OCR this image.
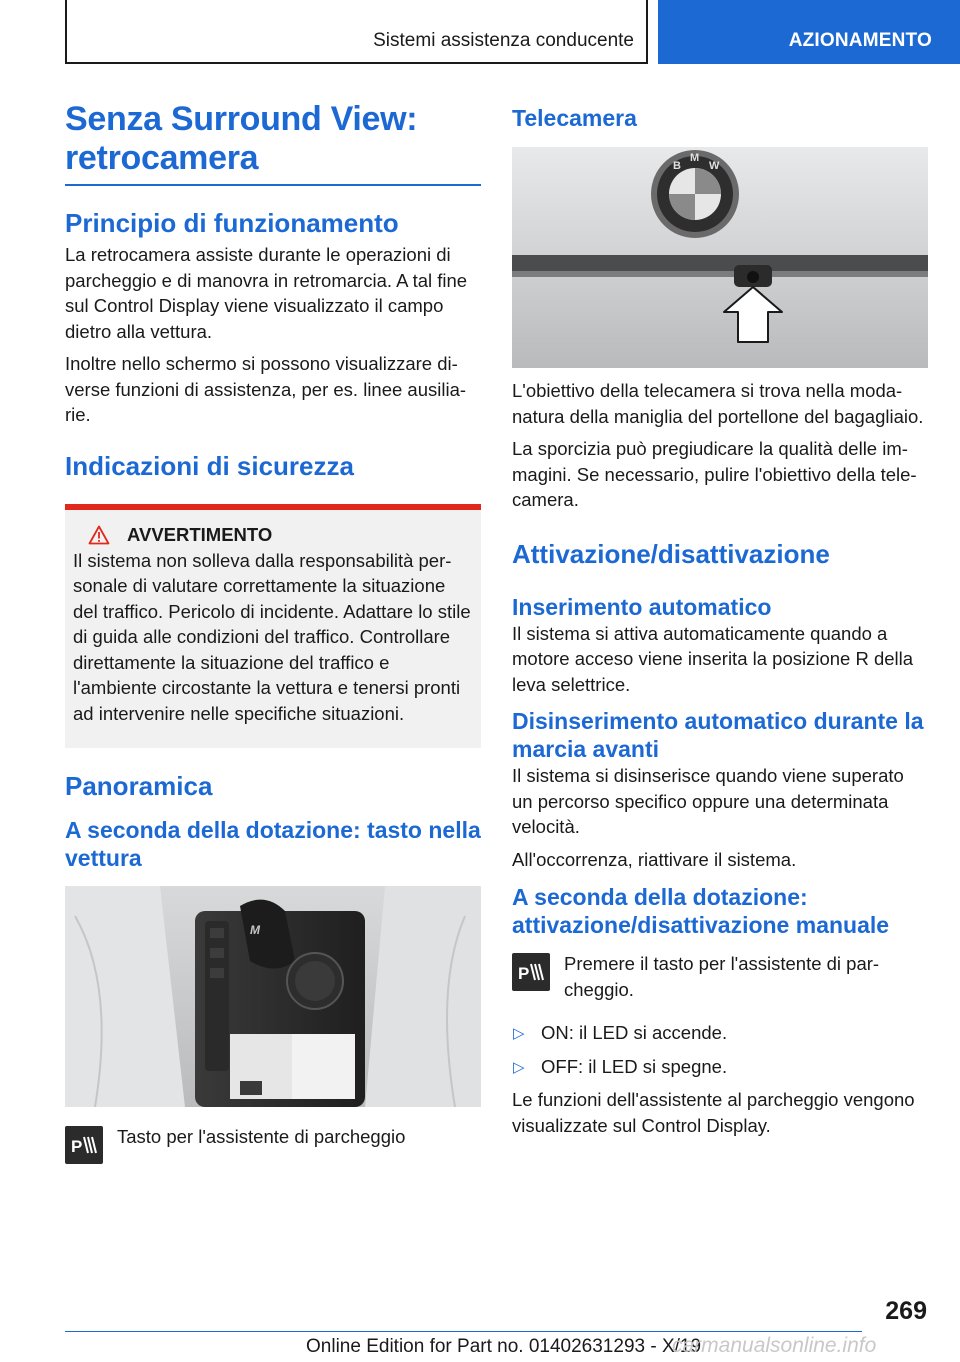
Sistemi assistenza conducente	AZIONAMENTO
Senza Surround View:
retrocamera
Principio di funzionamento

La retrocamera assiste durante le operazioni di parcheggio e di manovra in retromarcia. A tal fine sul Control Display viene visualizzato il campo dietro alla vettura.

Inoltre nello schermo si possono visualizzare diverse funzioni di assistenza, per es. linee ausiliarie.

Indicazioni di sicurezza
AVVERTIMENTO

Il sistema non solleva dalla responsabilità personale di valutare correttamente la situazione del traffico. Pericolo di incidente. Adattare lo stile di guida alle condizioni del traffico. Controllare direttamente la situazione del traffico e l'ambiente circostante la vettura e tenersi pronti ad intervenire nelle specifiche situazioni.

Panoramica
A seconda della dotazione: tasto nella vettura
M
P Tasto per l'assistente di parcheggio

Telecamera
B
M
W

L'obiettivo della telecamera si trova nella modanatura della maniglia del portellone del bagagliaio.

La sporcizia può pregiudicare la qualità delle immagini. Se necessario, pulire l'obiettivo della telecamera.

Attivazione/disattivazione
Inserimento automatico

Il sistema si attiva automaticamente quando a motore acceso viene inserita la posizione R della leva selettrice.

Disinserimento automatico durante la marcia avanti

Il sistema si disinserisce quando viene superato un percorso specifico oppure una determinata velocità.

All'occorrenza, riattivare il sistema.

A seconda della dotazione: attivazione/disattivazione manuale
P Premere il tasto per l'assistente di parcheggio.

▷ ON: il LED si accende.
▷ OFF: il LED si spegne.

Le funzioni dell'assistente al parcheggio vengono visualizzate sul Control Display.

269
Online Edition for Part no. 01402631293 - X/19
carmanualsonline.info
